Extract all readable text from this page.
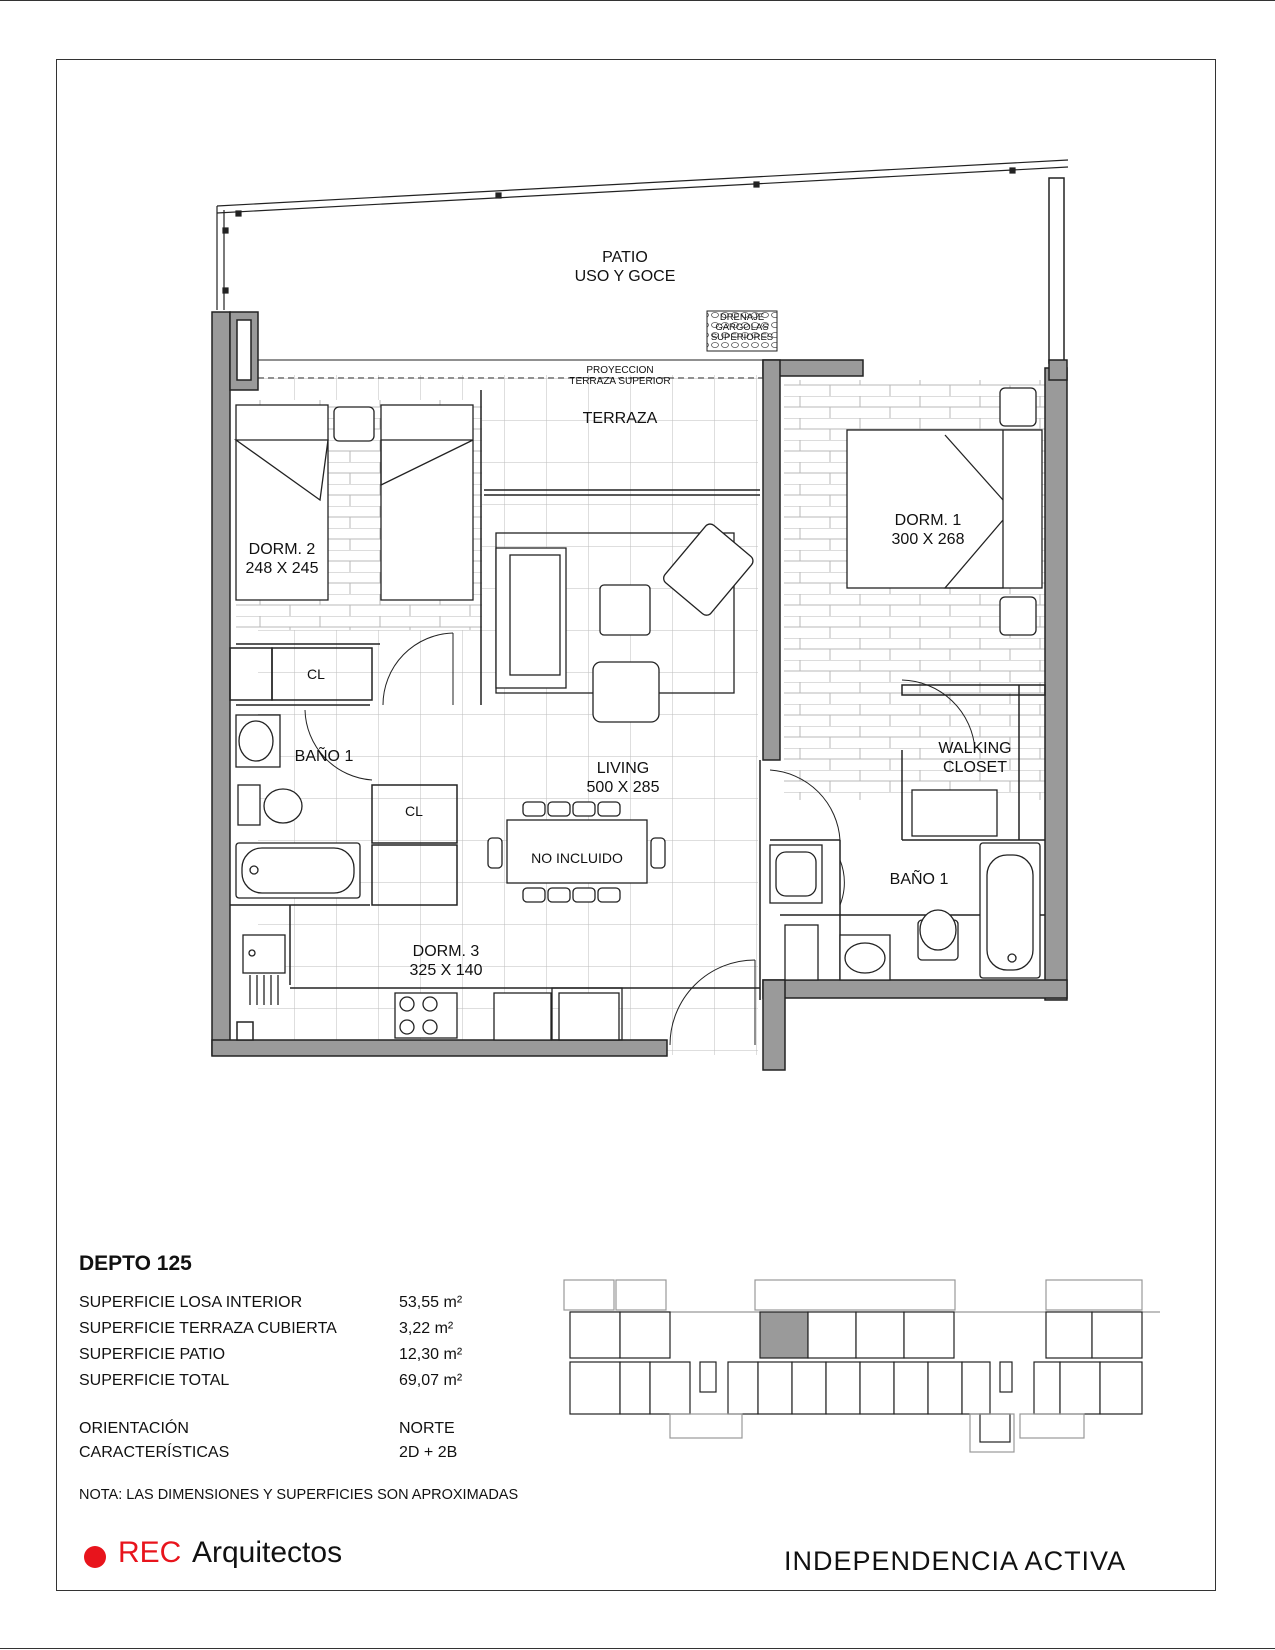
PATIO
USO Y GOCE
DRENAJE
GARGOLAS
SUPERIORES
PROYECCION
TERRAZA SUPERIOR
TERRAZA
DORM. 1
300 X 268
DORM. 2
248 X 245
CL
BAÑO 1
LIVING
500 X 285
WALKING
CLOSET
CL
NO INCLUIDO
BAÑO 1
DORM. 3
325 X 140
DEPTO 125
SUPERFICIE LOSA INTERIOR	53,55 m²
SUPERFICIE TERRAZA CUBIERTA	3,22 m²
SUPERFICIE PATIO	12,30 m²
SUPERFICIE TOTAL	69,07 m²
ORIENTACIÓN	NORTE
CARACTERÍSTICAS	2D + 2B
NOTA: LAS DIMENSIONES Y SUPERFICIES SON APROXIMADAS
REC Arquitectos	INDEPENDENCIA ACTIVA
